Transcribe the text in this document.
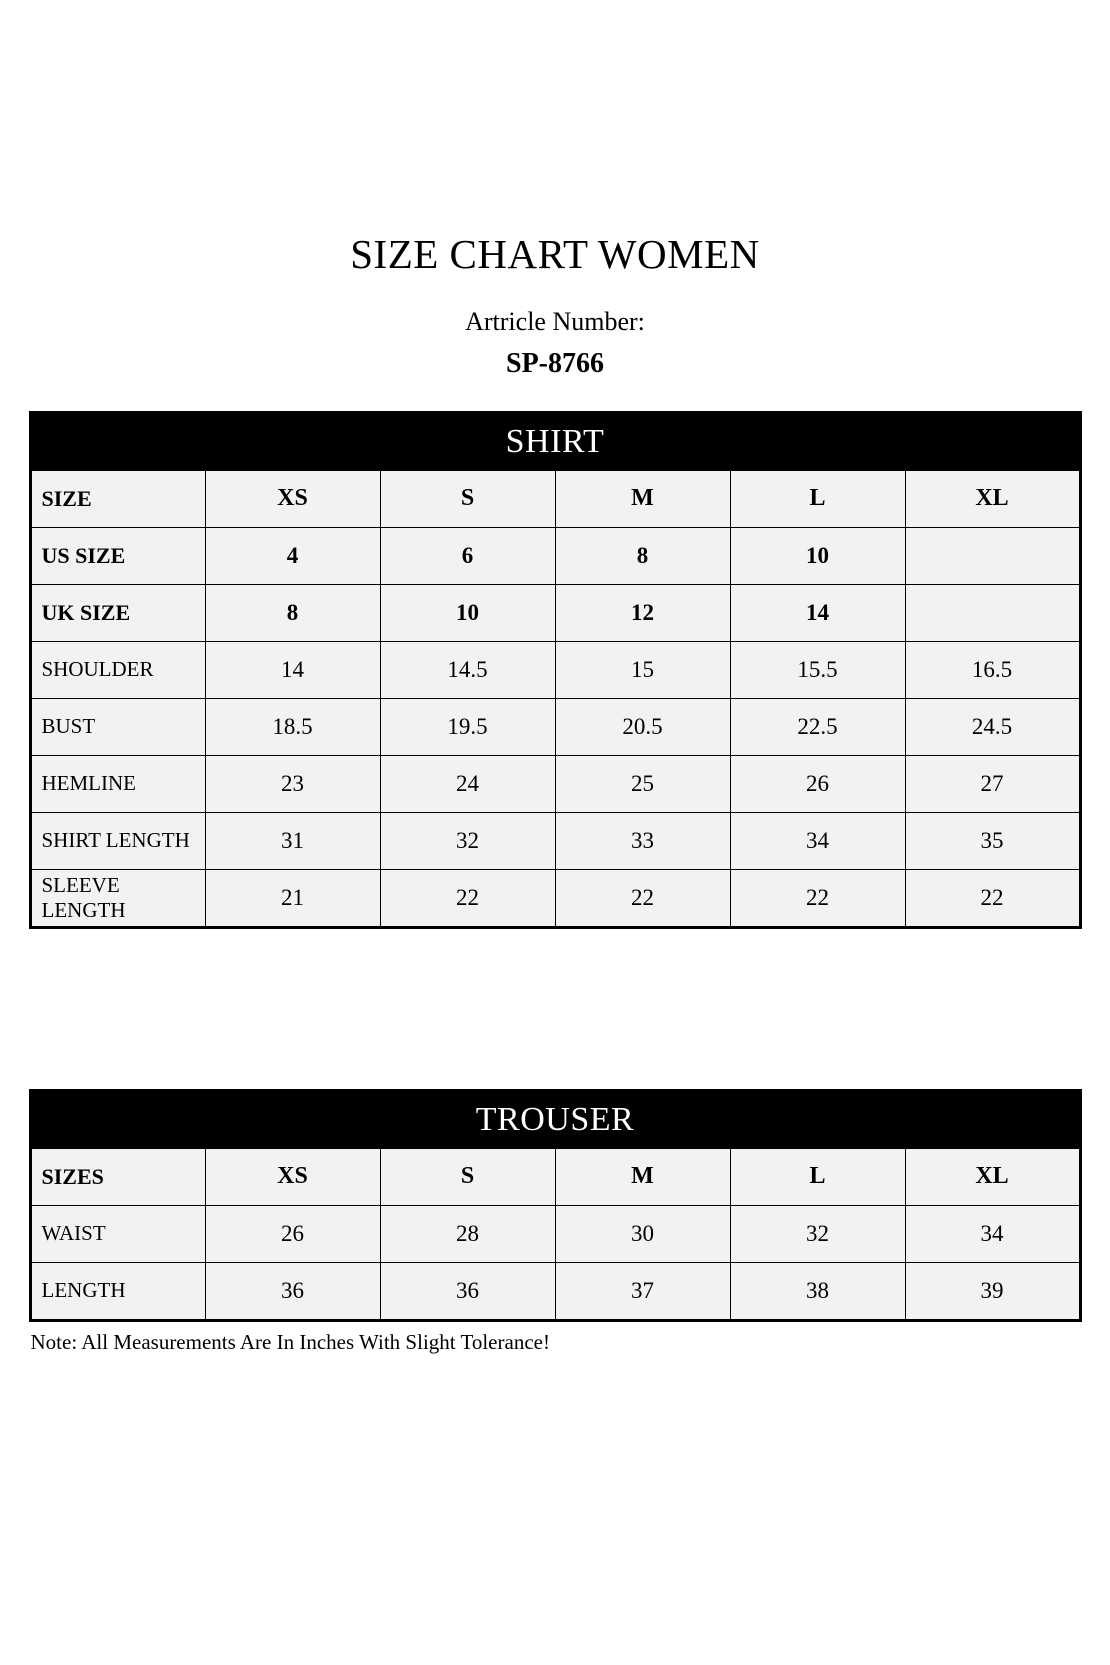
SIZE CHART WOMEN
Artricle Number:
SP-8766
SHIRT					
SIZE	XS	S	M	L	XL
US SIZE	4	6	8	10	
UK SIZE	8	10	12	14	
SHOULDER	14	14.5	15	15.5	16.5
BUST	18.5	19.5	20.5	22.5	24.5
HEMLINE	23	24	25	26	27
SHIRT LENGTH	31	32	33	34	35
SLEEVE LENGTH	21	22	22	22	22
TROUSER					
SIZES	XS	S	M	L	XL
WAIST	26	28	30	32	34
LENGTH	36	36	37	38	39
Note: All Measurements Are In Inches With Slight Tolerance!
